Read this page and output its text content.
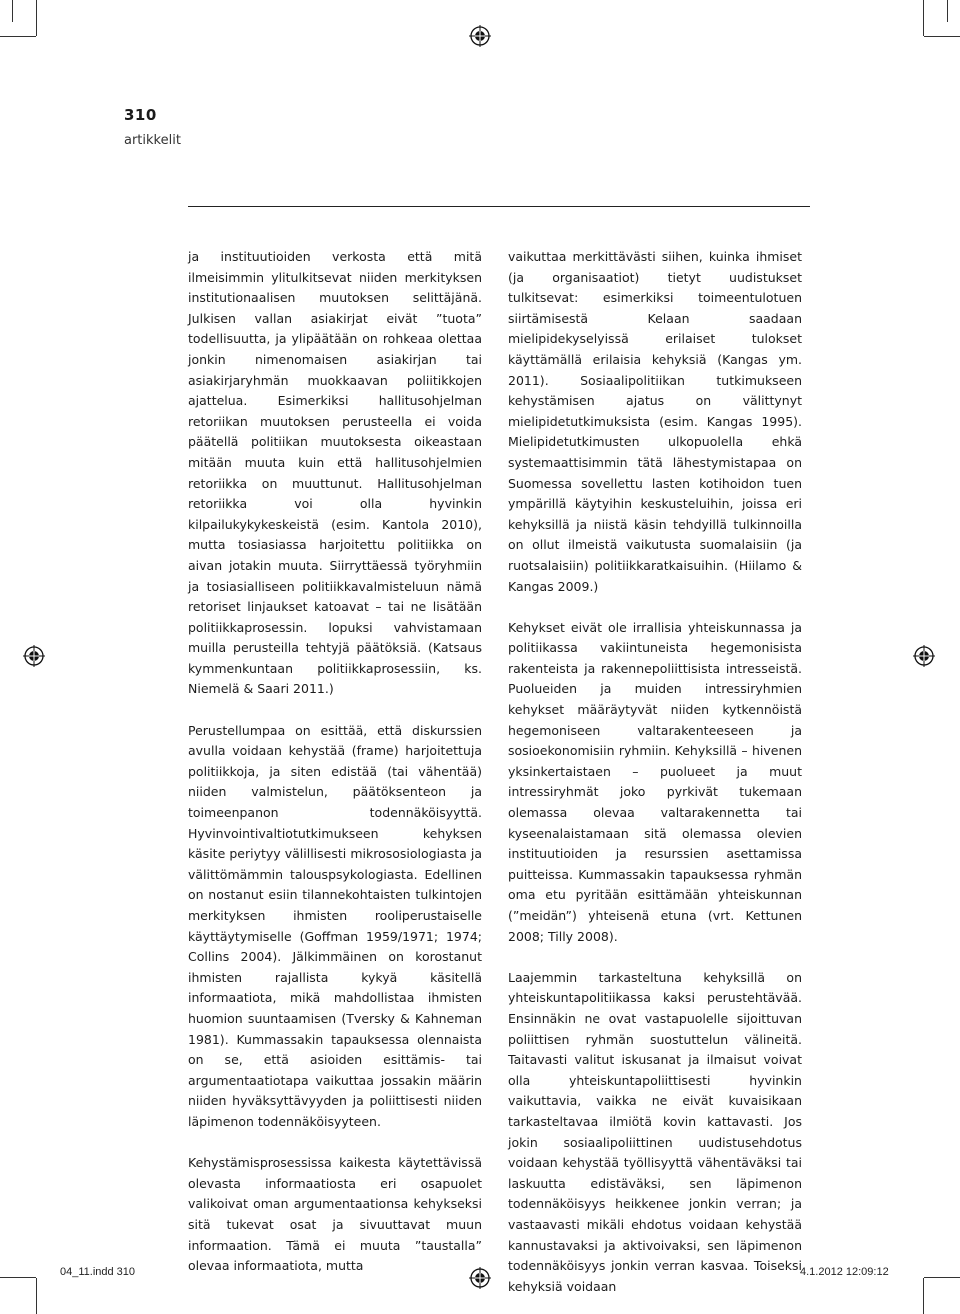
310
artikkelit

ja instituutioiden verkosta että mitä ilmeisimmin ylitulkitsevat niiden merkityksen institutionaalisen muutoksen selittäjänä. Julkisen vallan asiakirjat eivät ”tuota” todellisuutta, ja ylipäätään on rohkeaa olettaa jonkin nimenomaisen asiakirjan tai asiakirjaryhmän muokkaavan poliitikkojen ajattelua. Esimerkiksi hallitusohjelman retoriikan muutoksen perusteella ei voida päätellä politiikan muutoksesta oikeastaan mitään muuta kuin että hallitusohjelmien retoriikka on muuttunut. Hallitusohjelman retoriikka voi olla hyvinkin kilpailukykykeskeistä (esim. Kantola 2010), mutta tosiasiassa harjoitettu politiikka on aivan jotakin muuta. Siirryttäessä työryhmiin ja tosiasialliseen politiikkavalmisteluun nämä retoriset linjaukset katoavat – tai ne lisätään politiikkaprosessin. lopuksi vahvistamaan muilla perusteilla tehtyjä päätöksiä. (Katsaus kymmenkuntaan politiikkaprosessiin, ks. Niemelä & Saari 2011.)

Perustellumpaa on esittää, että diskurssien avulla voidaan kehystää (frame) harjoitettuja politiikkoja, ja siten edistää (tai vähentää) niiden valmistelun, päätöksenteon ja toimeenpanon todennäköisyyttä. Hyvinvointivaltiotutkimukseen kehyksen käsite periytyy välillisesti mikrososiologiasta ja välittömämmin talouspsykologiasta. Edellinen on nostanut esiin tilannekohtaisten tulkintojen merkityksen ihmisten rooliperustaiselle käyttäytymiselle (Goffman 1959/1971; 1974; Collins 2004). Jälkimmäinen on korostanut ihmisten rajallista kykyä käsitellä informaatiota, mikä mahdollistaa ihmisten huomion suuntaamisen (Tversky & Kahneman 1981). Kummassakin tapauksessa olennaista on se, että asioiden esittämis- tai argumentaatiotapa vaikuttaa jossakin määrin niiden hyväksyttävyyden ja poliittisesti niiden läpimenon todennäköisyyteen.

Kehystämisprosessissa kaikesta käytettävissä olevasta informaatiosta eri osapuolet valikoivat oman argumentaationsa kehykseksi sitä tukevat osat ja sivuuttavat muun informaation. Tämä ei muuta ”taustalla” olevaa informaatiota, mutta

vaikuttaa merkittävästi siihen, kuinka ihmiset (ja organisaatiot) tietyt uudistukset tulkitsevat: esimerkiksi toimeentulotuen siirtämisestä Kelaan saadaan mielipidekyselyissä erilaiset tulokset käyttämällä erilaisia kehyksiä (Kangas ym. 2011). Sosiaalipolitiikan tutkimukseen kehystämisen ajatus on välittynyt mielipidetutkimuksista (esim. Kangas 1995). Mielipidetutkimusten ulkopuolella ehkä systemaattisimmin tätä lähestymistapaa on Suomessa sovellettu lasten kotihoidon tuen ympärillä käytyihin keskusteluihin, joissa eri kehyksillä ja niistä käsin tehdyillä tulkinnoilla on ollut ilmeistä vaikutusta suomalaisiin (ja ruotsalaisiin) politiikkaratkaisuihin. (Hiilamo & Kangas 2009.)

Kehykset eivät ole irrallisia yhteiskunnassa ja politiikassa vakiintuneista hegemonisista rakenteista ja rakennepoliittisista intresseistä. Puolueiden ja muiden intressiryhmien kehykset määräytyvät niiden kytkennöistä hegemoniseen valtarakenteeseen ja sosioekonomisiin ryhmiin. Kehyksillä – hivenen yksinkertaistaen – puolueet ja muut intressiryhmät joko pyrkivät tukemaan olemassa olevaa valtarakennetta tai kyseenalaistamaan sitä olemassa olevien instituutioiden ja resurssien asettamissa puitteissa. Kummassakin tapauksessa ryhmän oma etu pyritään esittämään yhteiskunnan (”meidän”) yhteisenä etuna (vrt. Kettunen 2008; Tilly 2008).

Laajemmin tarkasteltuna kehyksillä on yhteiskuntapolitiikassa kaksi perustehtävää. Ensinnäkin ne ovat vastapuolelle sijoittuvan poliittisen ryhmän suostuttelun välineitä. Taitavasti valitut iskusanat ja ilmaisut voivat olla yhteiskuntapoliittisesti hyvinkin vaikuttavia, vaikka ne eivät kuvaisikaan tarkasteltavaa ilmiötä kovin kattavasti. Jos jokin sosiaalipoliittinen uudistusehdotus voidaan kehystää työllisyyttä vähentäväksi tai laskuutta edistäväksi, sen läpimenon todennäköisyys heikkenee jonkin verran; ja vastaavasti mikäli ehdotus voidaan kehystää kannustavaksi ja aktivoivaksi, sen läpimenon todennäköisyys jonkin verran kasvaa. Toiseksi kehyksiä voidaan

04_11.indd 310	4.1.2012 12:09:12
